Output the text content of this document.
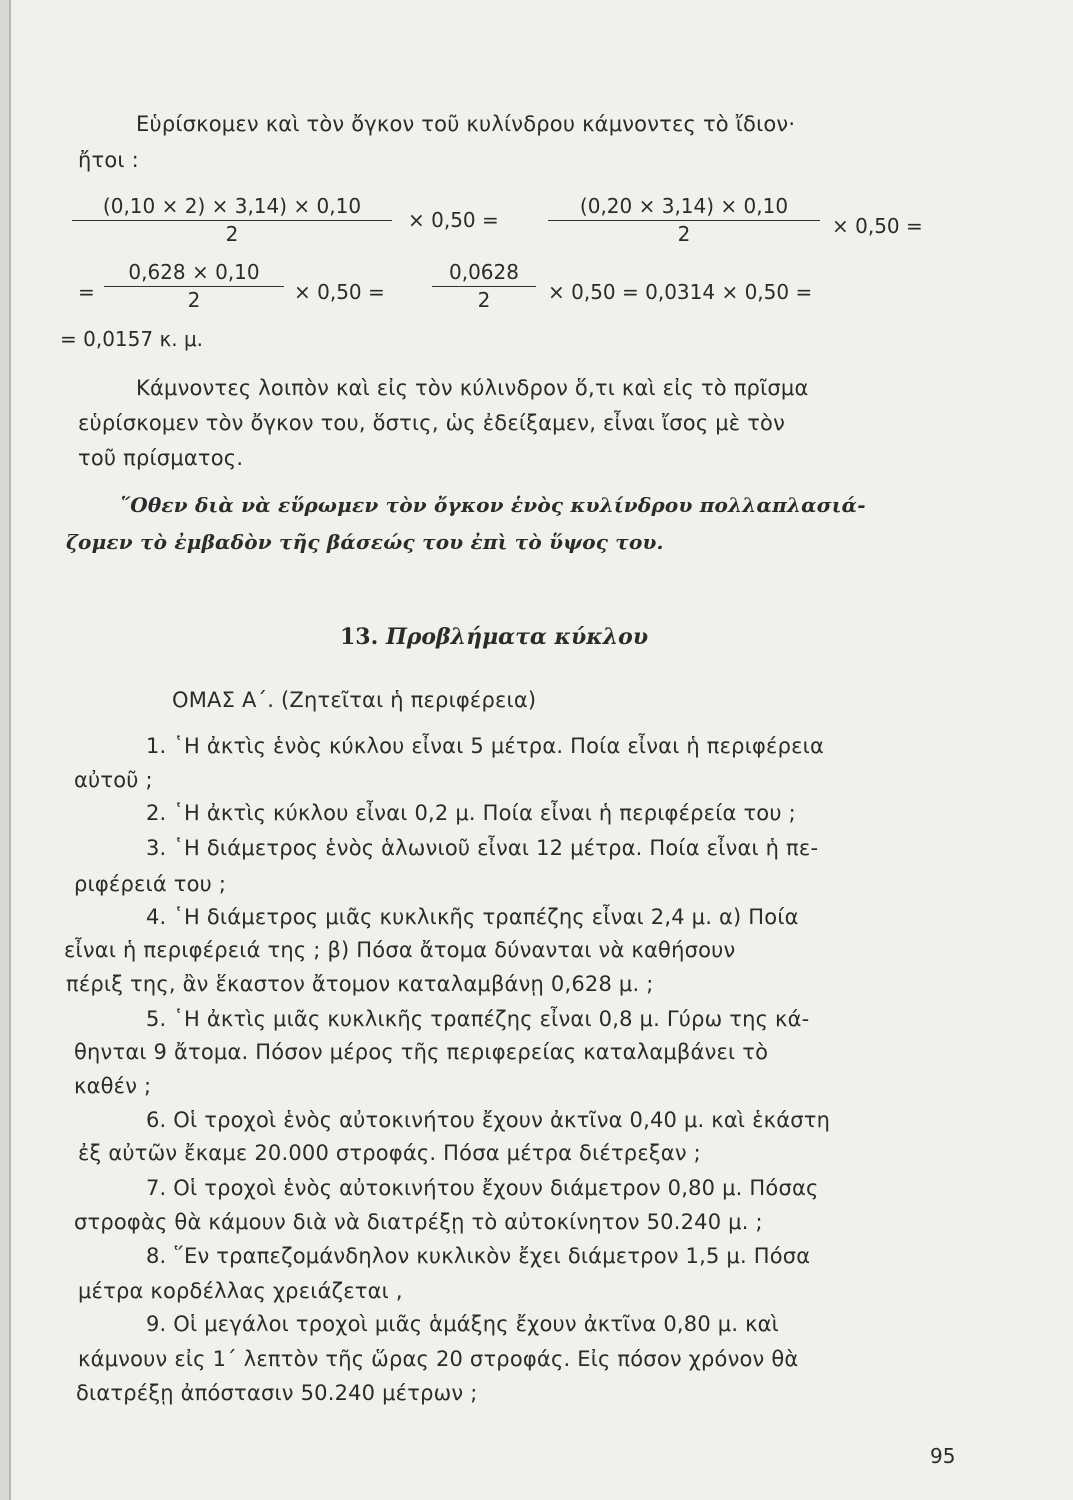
Εὑρίσκομεν καὶ τὸν ὄγκον τοῦ κυλίνδρου κάμνοντες τὸ ἴδιον·
ἤτοι :
$\frac{(0,10 \times 2) \times 3,14) \times 0,10}{2} \times 0,50 = \frac{(0,20 \times 3,14) \times 0,10}{2} \times 0,50$ =
= $\frac{0,628 \times 0,10}{2} \times 0,50 = \frac{0,0628}{2} \times 0,50 = 0,0314 \times 0,50$ =
= 0,0157 κ. μ.
Κάμνοντες λοιπὸν καὶ εἰς τὸν κύλινδρον ὅ,τι καὶ εἰς τὸ πρῖσμα
εὑρίσκομεν τὸν ὄγκον του, ὅστις, ὡς ἐδείξαμεν, εἶναι ἴσος μὲ τὸν
τοῦ πρίσματος.
῞Οθεν διὰ νὰ εὕρωμεν τὸν ὄγκον ἑνὸς κυλίνδρου πολλαπλασιά-
ζομεν τὸ ἐμβαδὸν τῆς βάσεώς του ἐπὶ τὸ ὕψος του.
13. Προβλήματα κύκλου
ΟΜΑΣ Α΄. (Ζητεῖται ἡ περιφέρεια)
1. ῾Η ἀκτὶς ἑνὸς κύκλου εἶναι 5 μέτρα. Ποία εἶναι ἡ περιφέρεια
αὐτοῦ ;
2. ῾Η ἀκτὶς κύκλου εἶναι 0,2 μ. Ποία εἶναι ἡ περιφέρεία του ;
3. ῾Η διάμετρος ἑνὸς ἁλωνιοῦ εἶναι 12 μέτρα. Ποία εἶναι ἡ πε-
ριφέρειά του ;
4. ῾Η διάμετρος μιᾶς κυκλικῆς τραπέζης εἶναι 2,4 μ. α) Ποία
εἶναι ἡ περιφέρειά της ; β) Πόσα ἄτομα δύνανται νὰ καθήσουν
πέριξ της, ἂν ἕκαστον ἄτομον καταλαμβάνῃ 0,628 μ. ;
5. ῾Η ἀκτὶς μιᾶς κυκλικῆς τραπέζης εἶναι 0,8 μ. Γύρω της κά-
θηνται 9 ἄτομα. Πόσον μέρος τῆς περιφερείας καταλαμβάνει τὸ
καθέν ;
6. Οἱ τροχοὶ ἑνὸς αὐτοκινήτου ἔχουν ἀκτῖνα 0,40 μ. καὶ ἑκάστη
ἐξ αὐτῶν ἔκαμε 20.000 στροφάς. Πόσα μέτρα διέτρεξαν ;
7. Οἱ τροχοὶ ἑνὸς αὐτοκινήτου ἔχουν διάμετρον 0,80 μ. Πόσας
στροφὰς θὰ κάμουν διὰ νὰ διατρέξῃ τὸ αὐτοκίνητον 50.240 μ. ;
8. ῞Εν τραπεζομάνδηλον κυκλικὸν ἔχει διάμετρον 1,5 μ. Πόσα
μέτρα κορδέλλας χρειάζεται ,
9. Οἱ μεγάλοι τροχοὶ μιᾶς ἁμάξης ἔχουν ἀκτῖνα 0,80 μ. καὶ
κάμνουν εἰς 1΄ λεπτὸν τῆς ὥρας 20 στροφάς. Εἰς πόσον χρόνον θὰ
διατρέξῃ ἀπόστασιν 50.240 μέτρων ;
95
